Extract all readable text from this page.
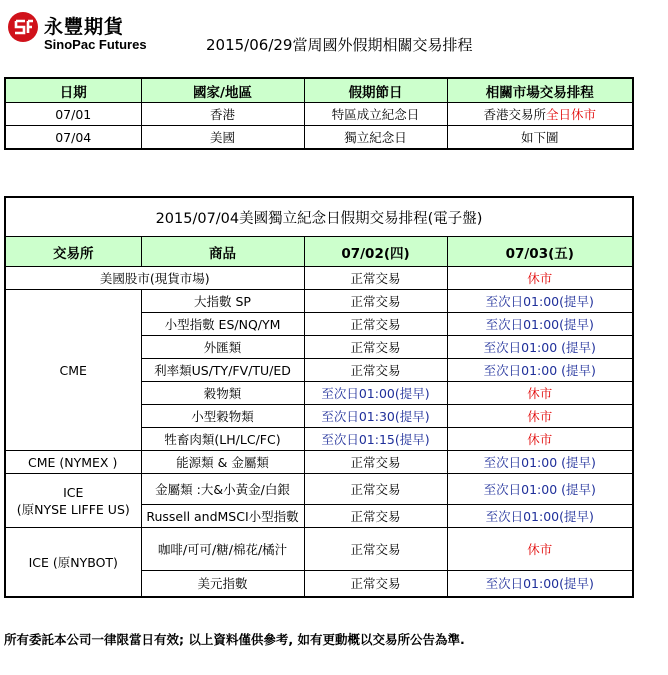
永豐期貨
SinoPac Futures	2015/06/29當周國外假期相關交易排程
日期	國家/地區	假期節日	相關市場交易排程
07/01	香港	特區成立紀念日	香港交易所全日休市
07/04	美國	獨立紀念日	如下圖
2015/07/04美國獨立紀念日假期交易排程(電子盤)			
交易所	商品	07/02(四)	07/03(五)
美國股市(現貨市場)		正常交易	休市
CME	大指數 SP	正常交易	至次日01:00(提早)
	小型指數 ES/NQ/YM	正常交易	至次日01:00(提早)
	外匯類	正常交易	至次日01:00 (提早)
	利率類US/TY/FV/TU/ED	正常交易	至次日01:00 (提早)
	穀物類	至次日01:00(提早)	休市
	小型穀物類	至次日01:30(提早)	休市
	牲畜肉類(LH/LC/FC)	至次日01:15(提早)	休市
CME (NYMEX )	能源類 & 金屬類	正常交易	至次日01:00 (提早)

ICE
(原NYSE LIFFE US)	金屬類 :大&小黃金/白銀	正常交易	至次日01:00 (提早)
	Russell andMSCI小型指數	正常交易	至次日01:00(提早)
ICE (原NYBOT)	咖啡/可可/糖/棉花/橘汁	正常交易	休市
	美元指數	正常交易	至次日01:00(提早)
所有委託本公司一律限當日有效; 以上資料僅供參考, 如有更動概以交易所公告為準.
